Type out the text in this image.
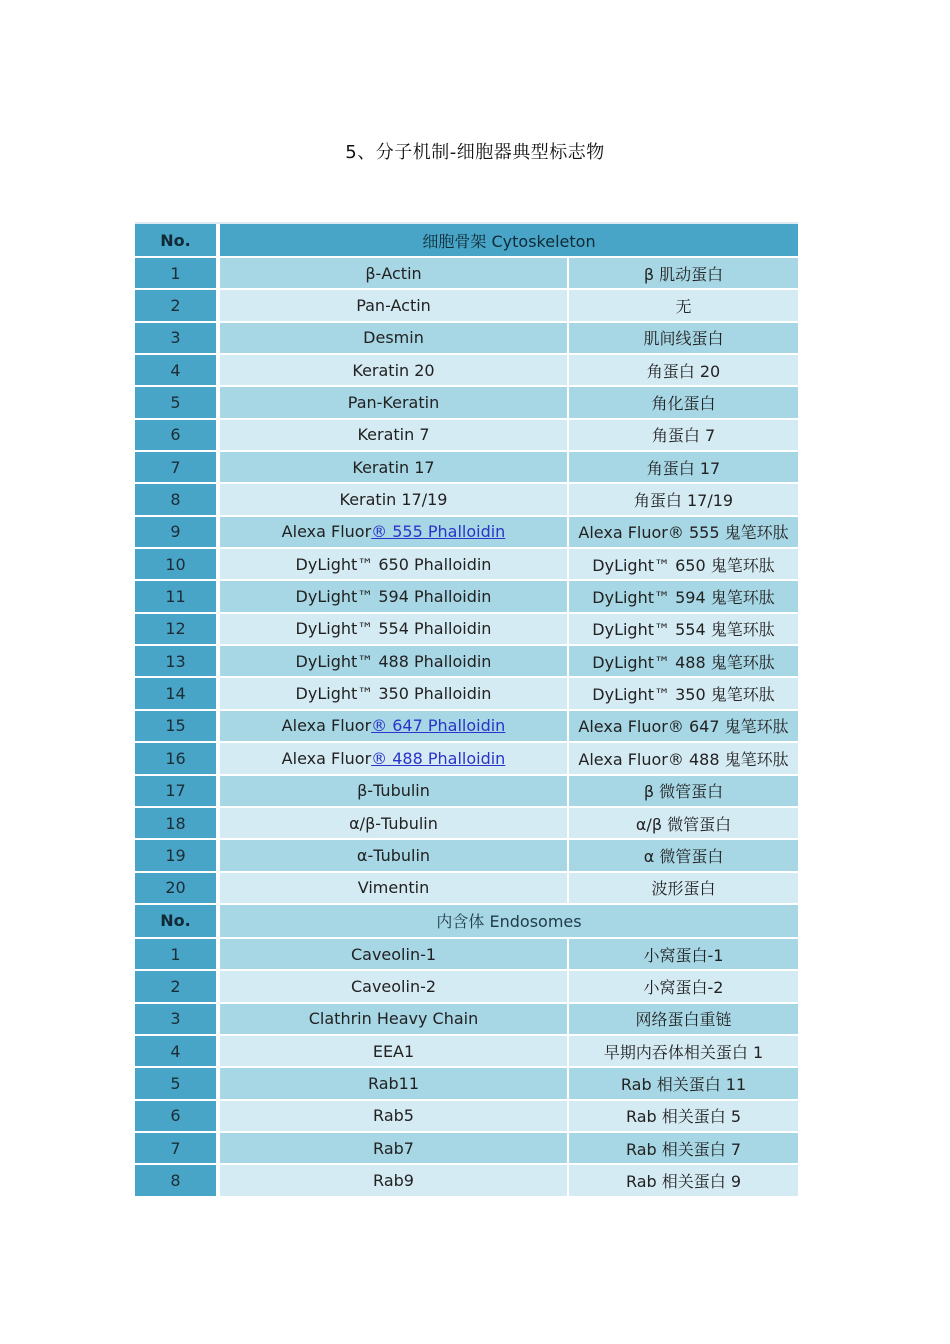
5、分子机制-细胞器典型标志物
No.	细胞骨架 Cytoskeleton	
1	β-Actin	β 肌动蛋白
2	Pan-Actin	无
3	Desmin	肌间线蛋白
4	Keratin 20	角蛋白 20
5	Pan-Keratin	角化蛋白
6	Keratin 7	角蛋白 7
7	Keratin 17	角蛋白 17
8	Keratin 17/19	角蛋白 17/19
9	Alexa Fluor® 555 Phalloidin	Alexa Fluor® 555 鬼笔环肽
10	DyLight™ 650 Phalloidin	DyLight™ 650 鬼笔环肽
11	DyLight™ 594 Phalloidin	DyLight™ 594 鬼笔环肽
12	DyLight™ 554 Phalloidin	DyLight™ 554 鬼笔环肽
13	DyLight™ 488 Phalloidin	DyLight™ 488 鬼笔环肽
14	DyLight™ 350 Phalloidin	DyLight™ 350 鬼笔环肽
15	Alexa Fluor® 647 Phalloidin	Alexa Fluor® 647 鬼笔环肽
16	Alexa Fluor® 488 Phalloidin	Alexa Fluor® 488 鬼笔环肽
17	β-Tubulin	β 微管蛋白
18	α/β-Tubulin	α/β 微管蛋白
19	α-Tubulin	α 微管蛋白
20	Vimentin	波形蛋白
No.	内含体 Endosomes	
1	Caveolin-1	小窝蛋白-1
2	Caveolin-2	小窝蛋白-2
3	Clathrin Heavy Chain	网络蛋白重链
4	EEA1	早期内吞体相关蛋白 1
5	Rab11	Rab 相关蛋白 11
6	Rab5	Rab 相关蛋白 5
7	Rab7	Rab 相关蛋白 7
8	Rab9	Rab 相关蛋白 9
